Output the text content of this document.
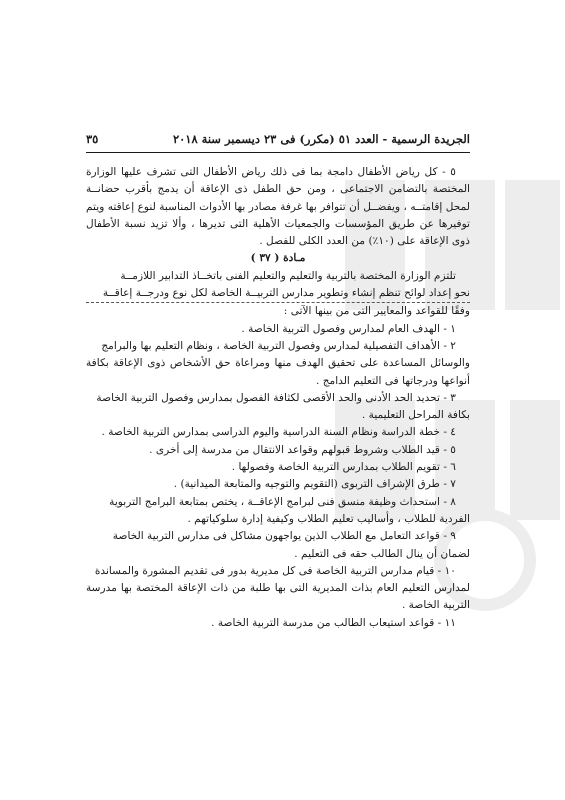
الجريدة الرسمية - العدد ٥١ (مكرر) فى ٢٣ ديسمبر سنة ٢٠١٨
٣٥

٥ - كل رياض الأطفال دامجة بما فى ذلك رياض الأطفال التى تشرف عليها الوزارة المختصة بالتضامن الاجتماعى ، ومن حق الطفل ذى الإعاقة أن يدمج بأقرب حضانــة لمحل إقامتــه ، ويفضــل أن تتوافر بها غرفة مصادر بها الأدوات المناسبة لنوع إعاقته ويتم توفيرها عن طريق المؤسسات والجمعيات الأهلية التى تديرها ، وألا تزيد نسبة الأطفال ذوى الإعاقة على (١٠٪) من العدد الكلى للفصل .

مـادة ( ٣٧ )

تلتزم الوزارة المختصة بالتربية والتعليم والتعليم الفنى باتخــاذ التدابير اللازمــة

نحو إعداد لوائح تنظم إنشاء وتطوير مدارس التربيــة الخاصة لكل نوع ودرجــة إعاقــة

وفقًا للقواعد والمعايير التى من بينها الآتى :

١ - الهدف العام لمدارس وفصول التربية الخاصة .

٢ - الأهداف التفصيلية لمدارس وفصول التربية الخاصة ، ونظام التعليم بها والبرامج

والوسائل المساعدة على تحقيق الهدف منها ومراعاة حق الأشخاص ذوى الإعاقة بكافة أنواعها ودرجاتها فى التعليم الدامج .

٣ - تحديد الحد الأدنى والحد الأقصى لكثافة الفصول بمدارس وفصول التربية الخاصة

بكافة المراحل التعليمية .

٤ - خطة الدراسة ونظام السنة الدراسية واليوم الدراسى بمدارس التربية الخاصة .

٥ - قيد الطلاب وشروط قبولهم وقواعد الانتقال من مدرسة إلى أخرى .

٦ - تقويم الطلاب بمدارس التربية الخاصة وفصولها .

٧ - طرق الإشراف التربوى (التقويم والتوجيه والمتابعة الميدانية) .

٨ - استحداث وظيفة منسق فنى لبرامج الإعاقــة ، يختص بمتابعة البرامج التربوية

الفردية للطلاب ، وأساليب تعليم الطلاب وكيفية إدارة سلوكياتهم .

٩ - قواعد التعامل مع الطلاب الذين يواجهون مشاكل فى مدارس التربية الخاصة

لضمان أن ينال الطالب حقه فى التعليم .

١٠ - قيام مدارس التربية الخاصة فى كل مديرية بدور فى تقديم المشورة والمساندة

لمدارس التعليم العام بذات المديرية التى بها طلبة من ذات الإعاقة المختصة بها مدرسة التربية الخاصة .

١١ - قواعد استيعاب الطالب من مدرسة التربية الخاصة .
